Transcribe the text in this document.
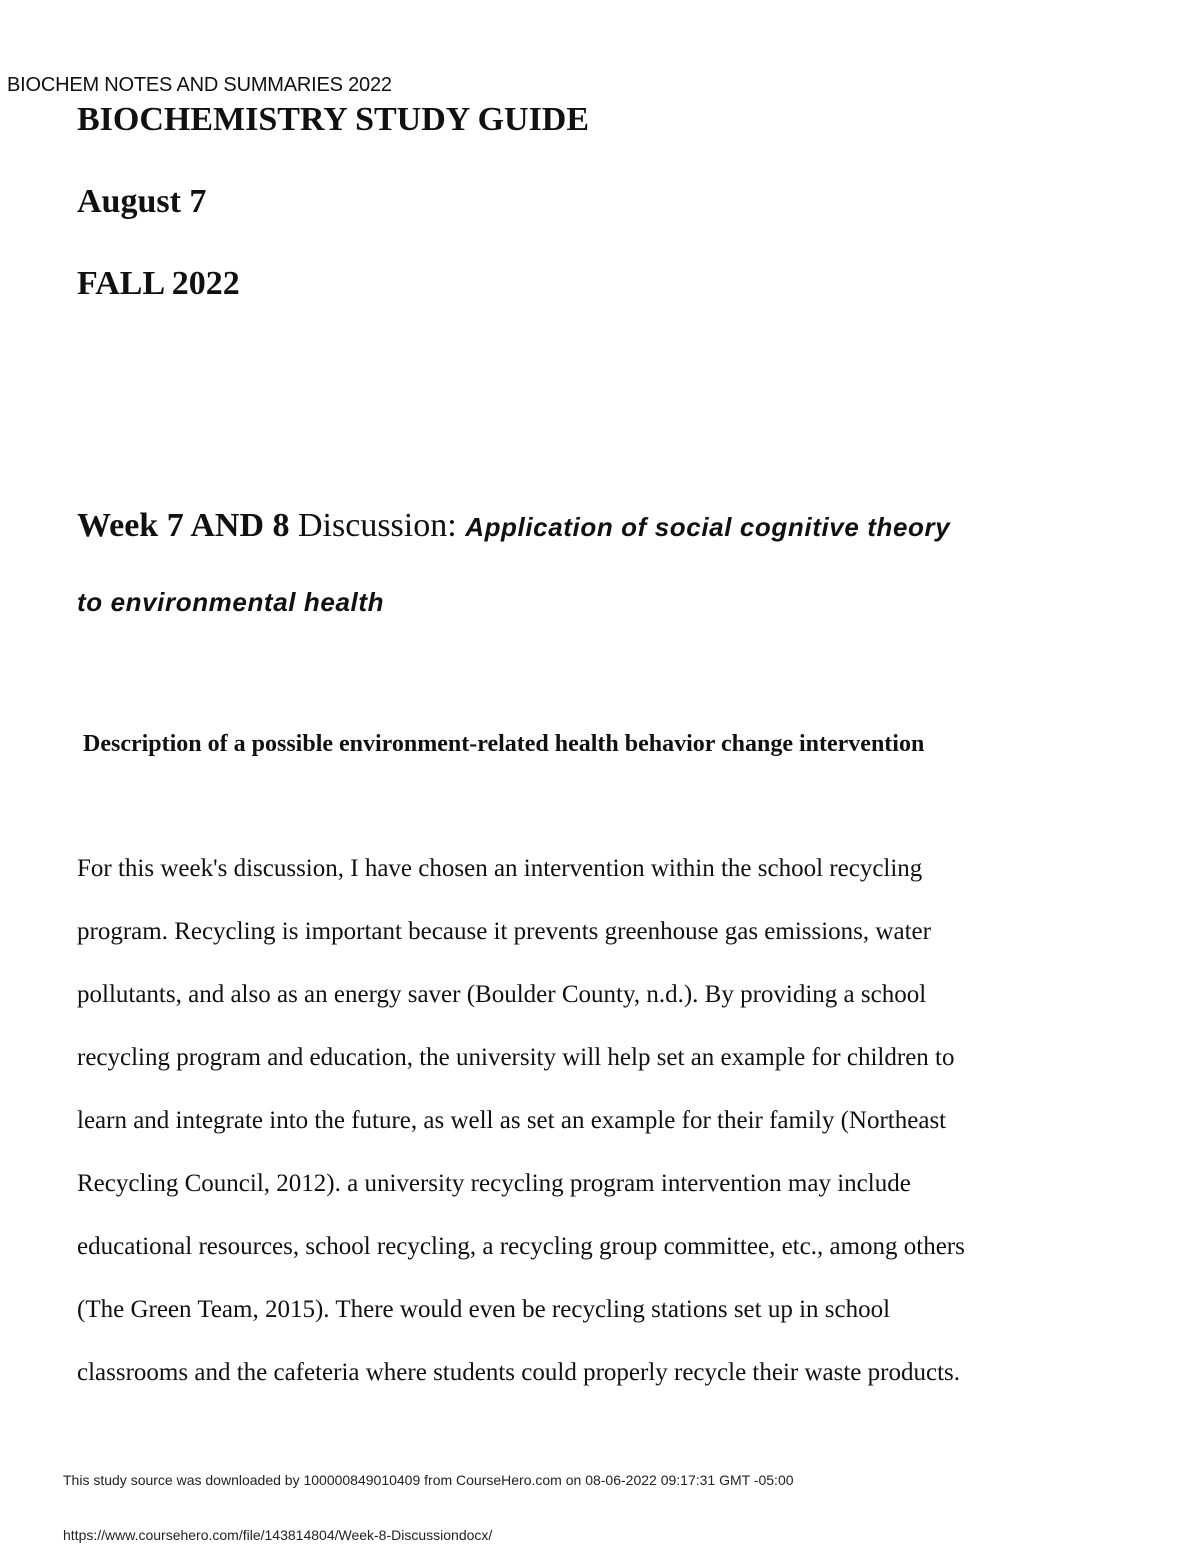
BIOCHEM NOTES AND SUMMARIES 2022
BIOCHEMISTRY STUDY GUIDE
August 7
FALL 2022
Week 7 AND 8 Discussion: Application of social cognitive theory
to environmental health
Description of a possible environment-related health behavior change intervention
For this week's discussion, I have chosen an intervention within the school recycling
program. Recycling is important because it prevents greenhouse gas emissions, water
pollutants, and also as an energy saver (Boulder County, n.d.). By providing a school
recycling program and education, the university will help set an example for children to
learn and integrate into the future, as well as set an example for their family (Northeast
Recycling Council, 2012). a university recycling program intervention may include
educational resources, school recycling, a recycling group committee, etc., among others
(The Green Team, 2015). There would even be recycling stations set up in school
classrooms and the cafeteria where students could properly recycle their waste products.
This study source was downloaded by 100000849010409 from CourseHero.com on 08-06-2022 09:17:31 GMT -05:00
https://www.coursehero.com/file/143814804/Week-8-Discussiondocx/
